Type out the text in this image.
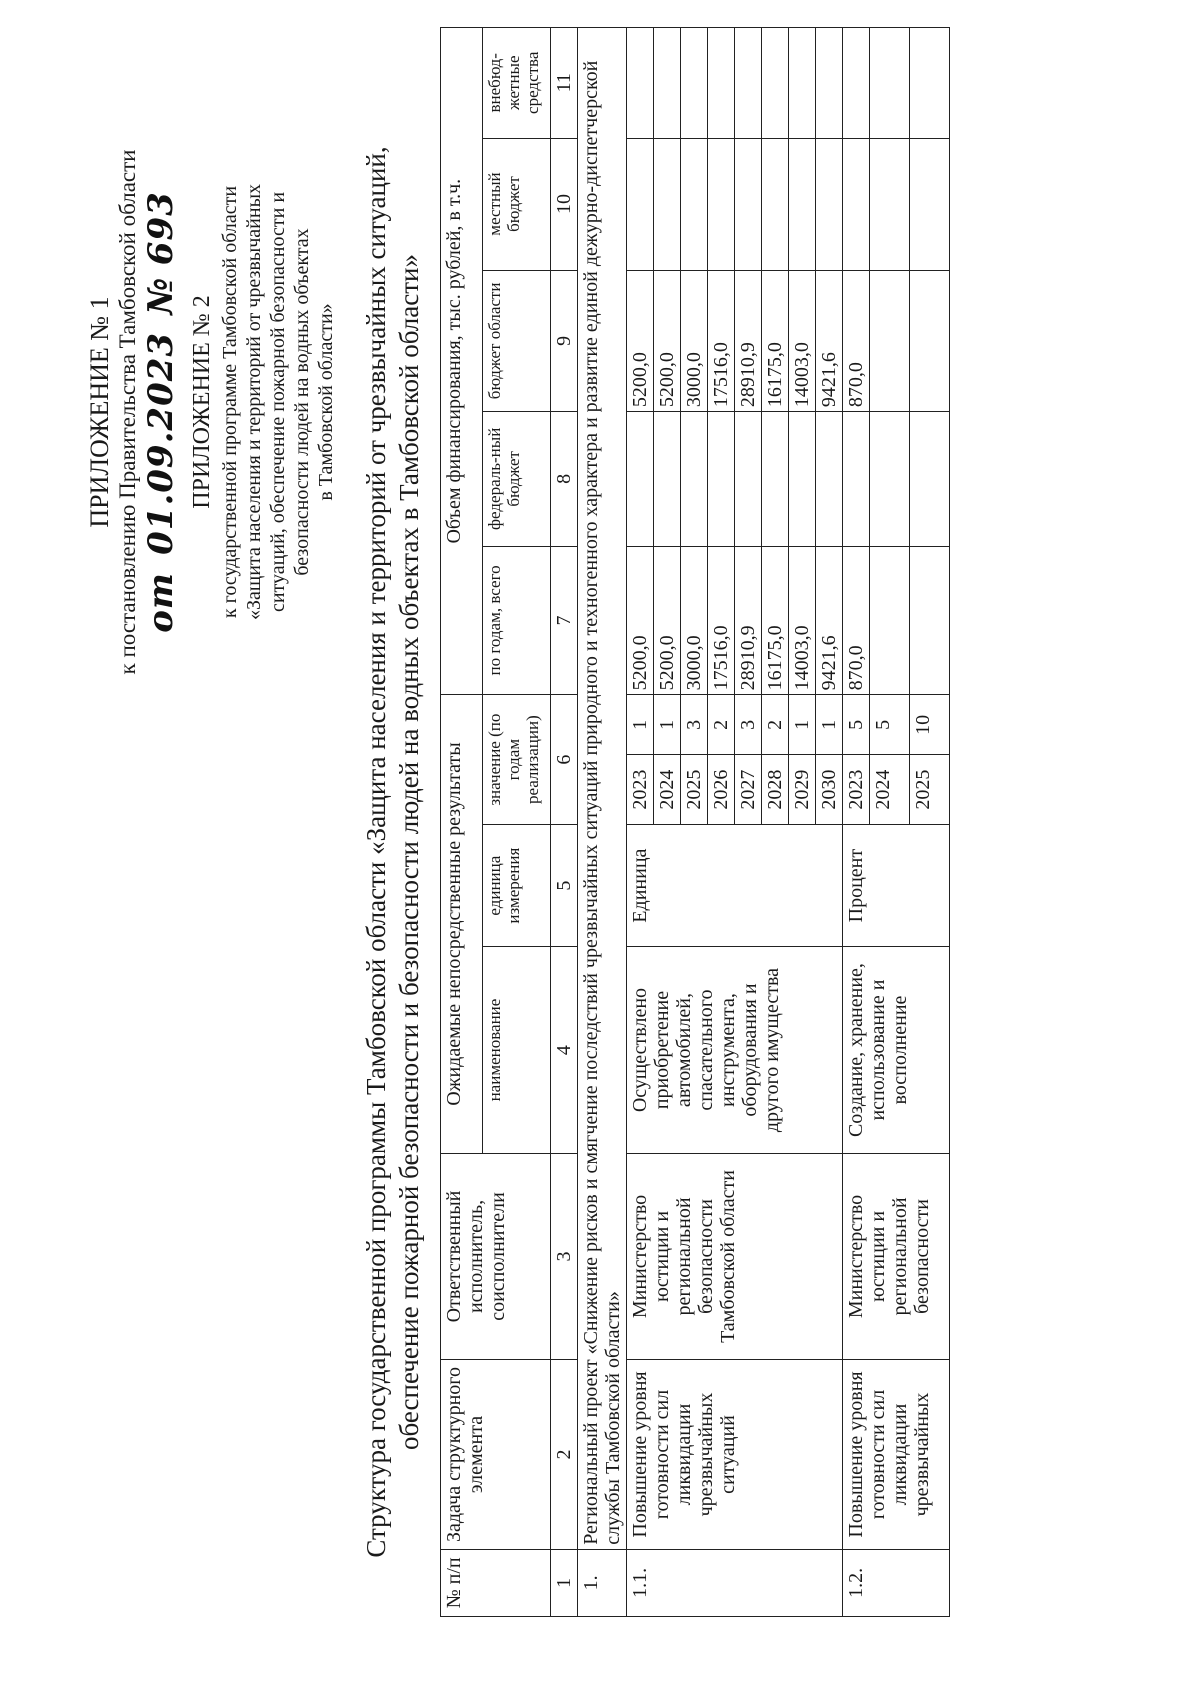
ПРИЛОЖЕНИЕ № 1 к постановлению Правительства Тамбовской области от   01.09.2023   №  693
ПРИЛОЖЕНИЕ № 2 к государственной программе Тамбовской области «Защита населения и территорий от чрезвычайных ситуаций, обеспечение пожарной безопасности и безопасности людей на водных объектах в Тамбовской области» Структура государственной программы Тамбовской области «Защита населения и территорий от чрезвычайных ситуаций, обеспечение пожарной безопасности и безопасности людей на водных объектах в Тамбовской области»
№ п/п	Задача структурного элемента	Ответственный исполнитель, соисполнители	Ожидаемые непосредственные результаты				Объем финансирования, тыс. рублей, в т.ч.				
			наименование	единица измерения	значение (по годам реализации)		по годам, всего	федераль-ный бюджет	бюджет области	местный бюджет	внебюд-жетные средства
1	2	3	4	5	6		7	8	9	10	11
1.	Региональный проект «Снижение рисков и смягчение последствий чрезвычайных ситуаций природного и техногенного характера и развитие единой дежурно-диспетчерской службы Тамбовской области»										
1.1.	Повышение уровня готовности сил ликвидации чрезвычайных ситуаций	Министерство юстиции и региональной безопасности Тамбовской области	Осуществлено приобретение автомобилей, спасательного инструмента, оборудования и другого имущества	Единица	2023	1	5200,0		5200,0		
					2024	1	5200,0		5200,0		
					2025	3	3000,0		3000,0		
					2026	2	17516,0		17516,0		
					2027	3	28910,9		28910,9		
					2028	2	16175,0		16175,0		
					2029	1	14003,0		14003,0		
					2030	1	9421,6		9421,6		
1.2.	Повышение уровня готовности сил ликвидации чрезвычайных	Министерство юстиции и региональной безопасности	Создание, хранение, использование и восполнение	Процент	2023	5	870,0		870,0		
					2024	5					
					2025	10					
